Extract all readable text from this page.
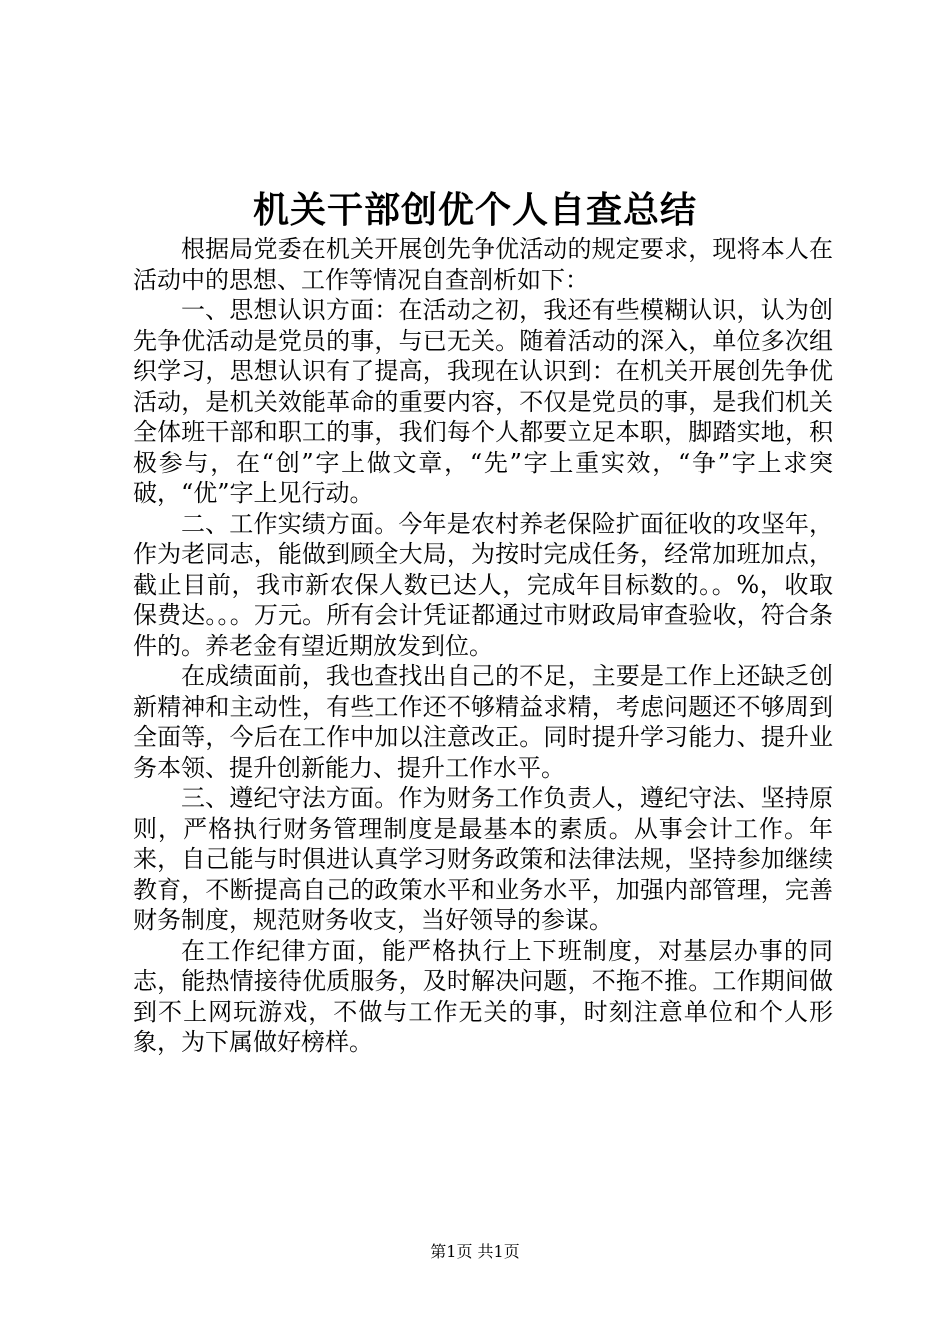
机关干部创优个人自查总结

根据局党委在机关开展创先争优活动的规定要求，现将本人在活动中的思想、工作等情况自查剖析如下：

一、思想认识方面：在活动之初，我还有些模糊认识，认为创先争优活动是党员的事，与已无关。随着活动的深入，单位多次组织学习，思想认识有了提高，我现在认识到：在机关开展创先争优活动，是机关效能革命的重要内容，不仅是党员的事，是我们机关全体班干部和职工的事，我们每个人都要立足本职，脚踏实地，积极参与，在“创”字上做文章，“先”字上重实效，“争”字上求突破，“优”字上见行动。

二、工作实绩方面。今年是农村养老保险扩面征收的攻坚年，作为老同志，能做到顾全大局，为按时完成任务，经常加班加点，截止目前，我市新农保人数已达人，完成年目标数的。。%，收取保费达。。。万元。所有会计凭证都通过市财政局审查验收，符合条件的。养老金有望近期放发到位。

在成绩面前，我也查找出自己的不足，主要是工作上还缺乏创新精神和主动性，有些工作还不够精益求精，考虑问题还不够周到全面等，今后在工作中加以注意改正。同时提升学习能力、提升业务本领、提升创新能力、提升工作水平。

三、遵纪守法方面。作为财务工作负责人，遵纪守法、坚持原则，严格执行财务管理制度是最基本的素质。从事会计工作。年来，自己能与时俱进认真学习财务政策和法律法规，坚持参加继续教育，不断提高自己的政策水平和业务水平，加强内部管理，完善财务制度，规范财务收支，当好领导的参谋。

在工作纪律方面，能严格执行上下班制度，对基层办事的同志，能热情接待优质服务，及时解决问题，不拖不推。工作期间做到不上网玩游戏，不做与工作无关的事，时刻注意单位和个人形象，为下属做好榜样。

第1页 共1页
